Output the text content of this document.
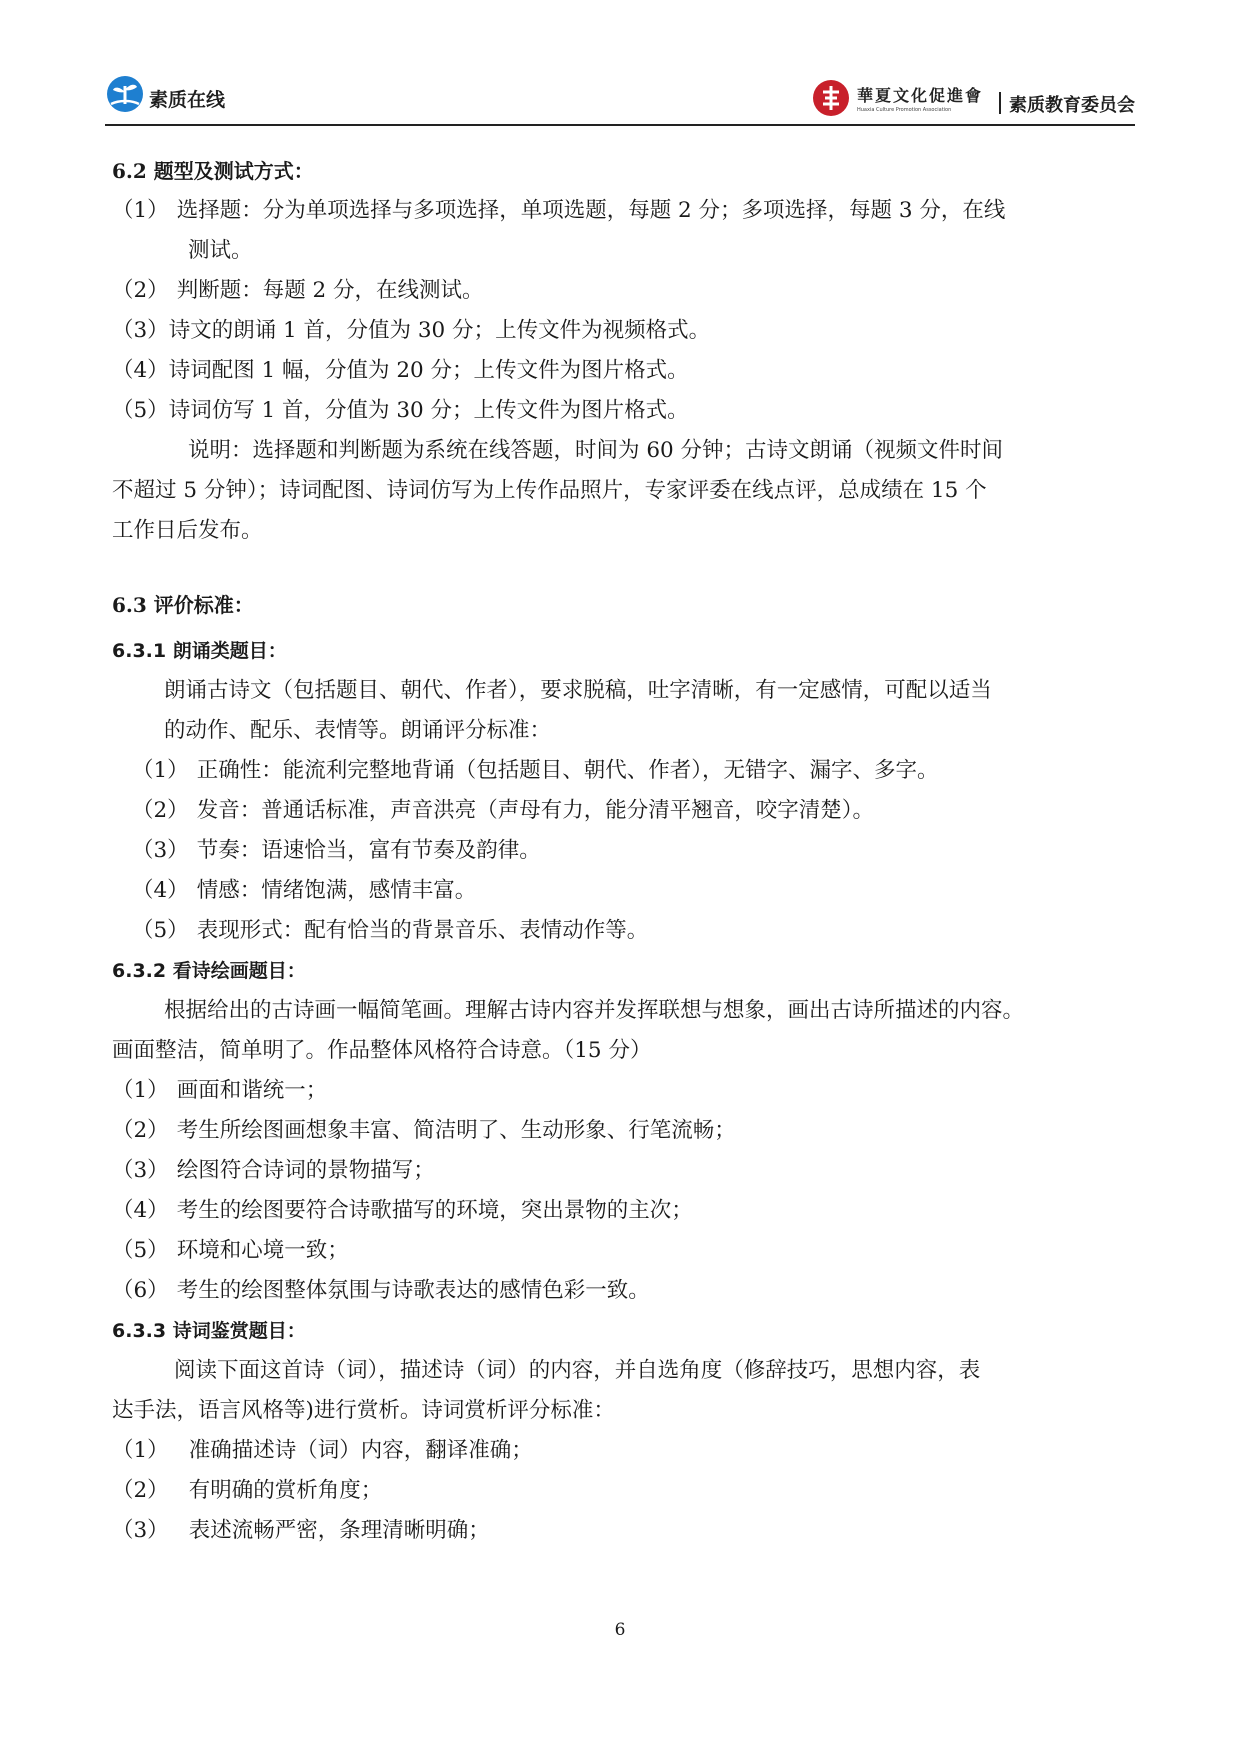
素质在线	華夏文化促進會
Huaxia Culture Promotion Association	素质教育委员会
6.2 题型及测试方式：
（1） 选择题：分为单项选择与多项选择，单项选题，每题 2 分；多项选择，每题 3 分，在线
测试。
（2） 判断题：每题 2 分，在线测试。
（3）诗文的朗诵 1 首，分值为 30 分；上传文件为视频格式。
（4）诗词配图 1 幅，分值为 20 分；上传文件为图片格式。
（5）诗词仿写 1 首，分值为 30 分；上传文件为图片格式。
说明：选择题和判断题为系统在线答题，时间为 60 分钟；古诗文朗诵（视频文件时间
不超过 5 分钟）；诗词配图、诗词仿写为上传作品照片，专家评委在线点评，总成绩在 15 个
工作日后发布。
6.3 评价标准：
6.3.1 朗诵类题目：
朗诵古诗文（包括题目、朝代、作者），要求脱稿，吐字清晰，有一定感情，可配以适当
的动作、配乐、表情等。朗诵评分标准：
（1） 正确性：能流利完整地背诵（包括题目、朝代、作者），无错字、漏字、多字。
（2） 发音：普通话标准，声音洪亮（声母有力，能分清平翘音，咬字清楚）。
（3） 节奏：语速恰当，富有节奏及韵律。
（4） 情感：情绪饱满，感情丰富。
（5） 表现形式：配有恰当的背景音乐、表情动作等。
6.3.2 看诗绘画题目：
根据给出的古诗画一幅简笔画。理解古诗内容并发挥联想与想象，画出古诗所描述的内容。
画面整洁，简单明了。作品整体风格符合诗意。（15 分）
（1） 画面和谐统一；
（2） 考生所绘图画想象丰富、简洁明了、生动形象、行笔流畅；
（3） 绘图符合诗词的景物描写；
（4） 考生的绘图要符合诗歌描写的环境，突出景物的主次；
（5） 环境和心境一致；
（6） 考生的绘图整体氛围与诗歌表达的感情色彩一致。
6.3.3 诗词鉴赏题目：
阅读下面这首诗（词），描述诗（词）的内容，并自选角度（修辞技巧，思想内容，表
达手法，语言风格等)进行赏析。诗词赏析评分标准：
（1） 准确描述诗（词）内容，翻译准确；
（2） 有明确的赏析角度；
（3） 表述流畅严密，条理清晰明确；
6
